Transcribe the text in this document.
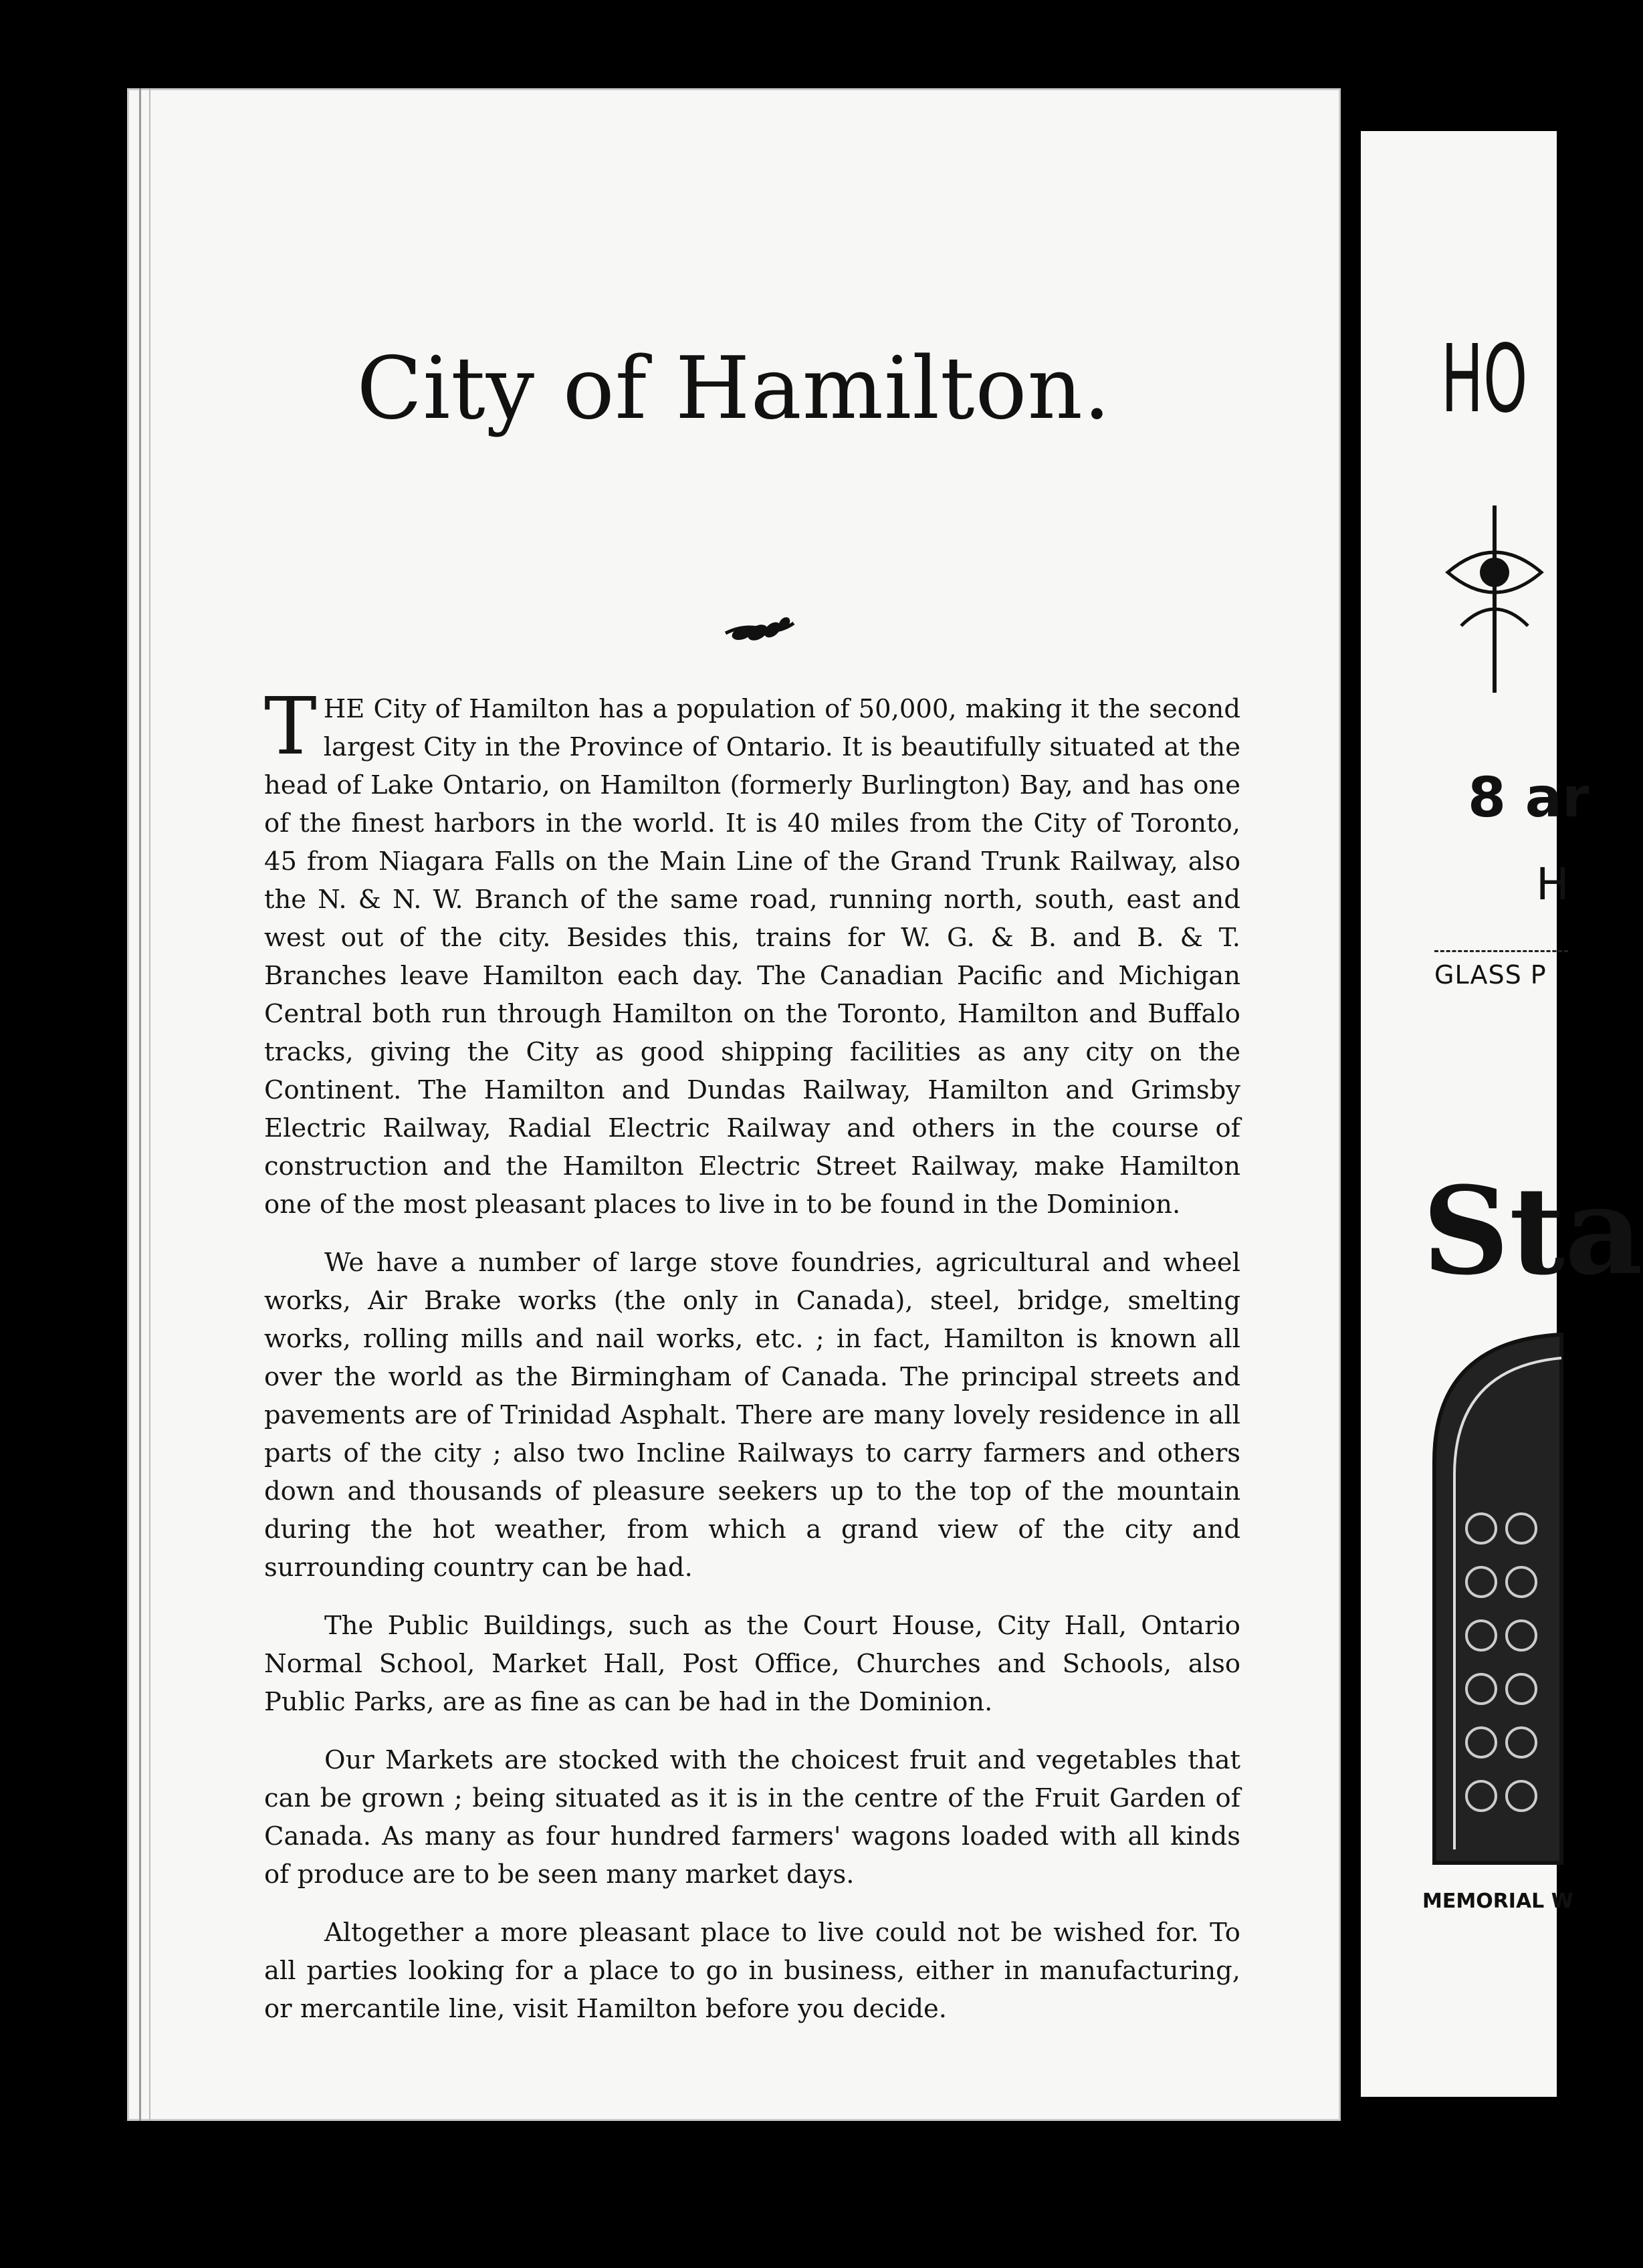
City of Hamilton.

THE City of Hamilton has a population of 50,000, making it the second largest City in the Province of Ontario. It is beautifully situated at the head of Lake Ontario, on Hamilton (formerly Burlington) Bay, and has one of the finest harbors in the world. It is 40 miles from the City of Toronto, 45 from Niagara Falls on the Main Line of the Grand Trunk Railway, also the N. & N. W. Branch of the same road, running north, south, east and west out of the city. Besides this, trains for W. G. & B. and B. & T. Branches leave Hamilton each day. The Canadian Pacific and Michigan Central both run through Hamilton on the Toronto, Hamilton and Buffalo tracks, giving the City as good shipping facilities as any city on the Continent. The Hamilton and Dundas Railway, Hamilton and Grimsby Electric Railway, Radial Electric Railway and others in the course of construction and the Hamilton Electric Street Railway, make Hamilton one of the most pleasant places to live in to be found in the Dominion.

We have a number of large stove foundries, agricultural and wheel works, Air Brake works (the only in Canada), steel, bridge, smelting works, rolling mills and nail works, etc. ; in fact, Hamilton is known all over the world as the Birmingham of Canada. The principal streets and pavements are of Trinidad Asphalt. There are many lovely residence in all parts of the city ; also two Incline Railways to carry farmers and others down and thousands of pleasure seekers up to the top of the mountain during the hot weather, from which a grand view of the city and surrounding country can be had.

The Public Buildings, such as the Court House, City Hall, Ontario Normal School, Market Hall, Post Office, Churches and Schools, also Public Parks, are as fine as can be had in the Dominion.

Our Markets are stocked with the choicest fruit and vegetables that can be grown ; being situated as it is in the centre of the Fruit Garden of Canada. As many as four hundred farmers' wagons loaded with all kinds of produce are to be seen many market days.

Altogether a more pleasant place to live could not be wished for. To all parties looking for a place to go in business, either in manufacturing, or mercantile line, visit Hamilton before you decide.

HO
8 ar
H
GLASS P
Sta
MEMORIAL W
